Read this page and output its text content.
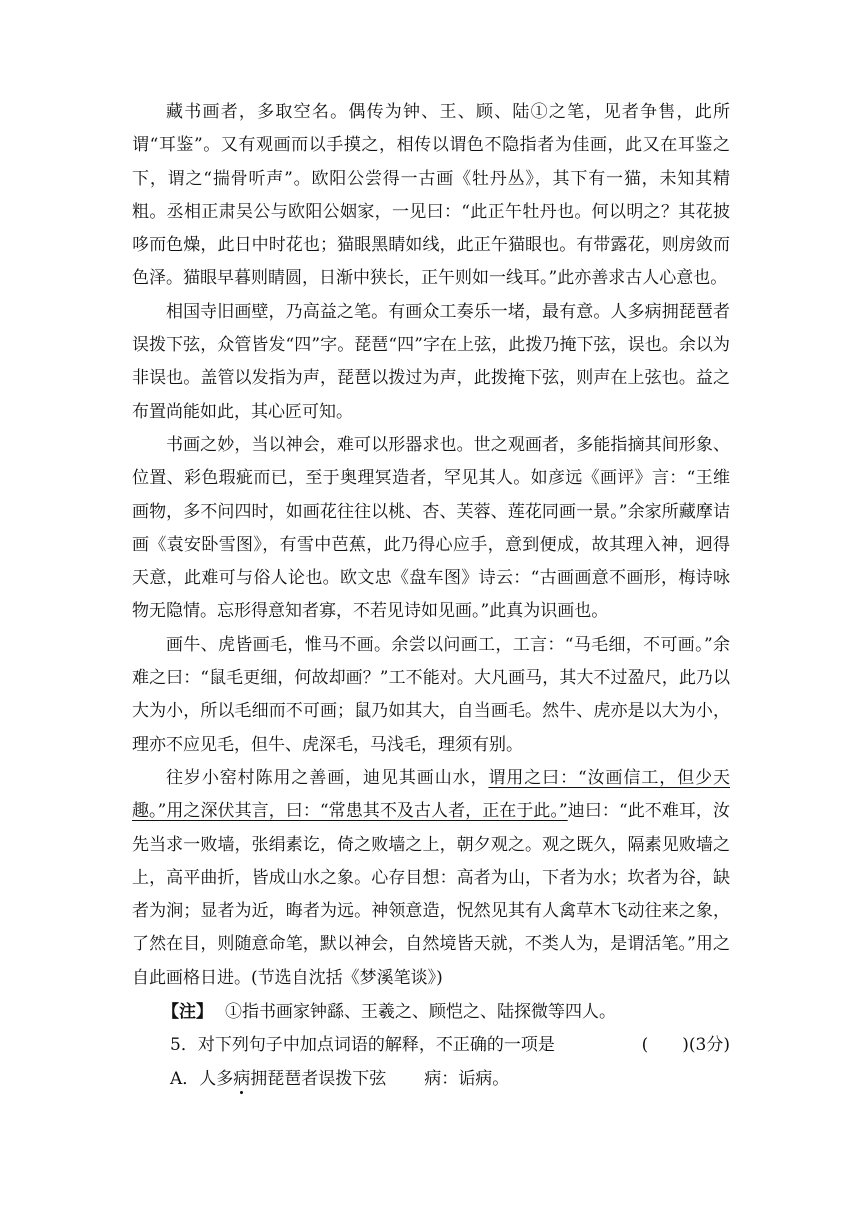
藏书画者，多取空名。偶传为钟、王、顾、陆①之笔，见者争售，此所谓“耳鉴”。又有观画而以手摸之，相传以谓色不隐指者为佳画，此又在耳鉴之下，谓之“揣骨听声”。欧阳公尝得一古画《牡丹丛》，其下有一猫，未知其精粗。丞相正肃吴公与欧阳公姻家，一见曰：“此正午牡丹也。何以明之？其花披哆而色燥，此日中时花也；猫眼黑睛如线，此正午猫眼也。有带露花，则房敛而色泽。猫眼早暮则睛圆，日渐中狭长，正午则如一线耳。”此亦善求古人心意也。

相国寺旧画壁，乃高益之笔。有画众工奏乐一堵，最有意。人多病拥琵琶者误拨下弦，众管皆发“四”字。琵琶“四”字在上弦，此拨乃掩下弦，误也。余以为非误也。盖管以发指为声，琵琶以拨过为声，此拨掩下弦，则声在上弦也。益之布置尚能如此，其心匠可知。

书画之妙，当以神会，难可以形器求也。世之观画者，多能指摘其间形象、位置、彩色瑕疵而已，至于奥理冥造者，罕见其人。如彦远《画评》言：“王维画物，多不问四时，如画花往往以桃、杏、芙蓉、莲花同画一景。”余家所藏摩诘画《袁安卧雪图》，有雪中芭蕉，此乃得心应手，意到便成，故其理入神，迥得天意，此难可与俗人论也。欧文忠《盘车图》诗云：“古画画意不画形，梅诗咏物无隐情。忘形得意知者寡，不若见诗如见画。”此真为识画也。

画牛、虎皆画毛，惟马不画。余尝以问画工，工言：“马毛细，不可画。”余难之曰：“鼠毛更细，何故却画？”工不能对。大凡画马，其大不过盈尺，此乃以大为小，所以毛细而不可画；鼠乃如其大，自当画毛。然牛、虎亦是以大为小，理亦不应见毛，但牛、虎深毛，马浅毛，理须有别。

往岁小窑村陈用之善画，迪见其画山水，谓用之曰：“汝画信工，但少天趣。”用之深伏其言，曰：“常患其不及古人者，正在于此。”迪曰：“此不难耳，汝先当求一败墙，张绢素讫，倚之败墙之上，朝夕观之。观之既久，隔素见败墙之上，高平曲折，皆成山水之象。心存目想：高者为山，下者为水；坎者为谷，缺者为涧；显者为近，晦者为远。神领意造，怳然见其有人禽草木飞动往来之象，了然在目，则随意命笔，默以神会，自然境皆天就，不类人为，是谓活笔。”用之自此画格日进。(节选自沈括《梦溪笔谈》)

【注】 ①指书画家钟繇、王羲之、顾恺之、陆探微等四人。

5．对下列句子中加点词语的解释，不正确的一项是	(　　)(3分)

A．人多病拥琵琶者误拨下弦 病：诟病。
